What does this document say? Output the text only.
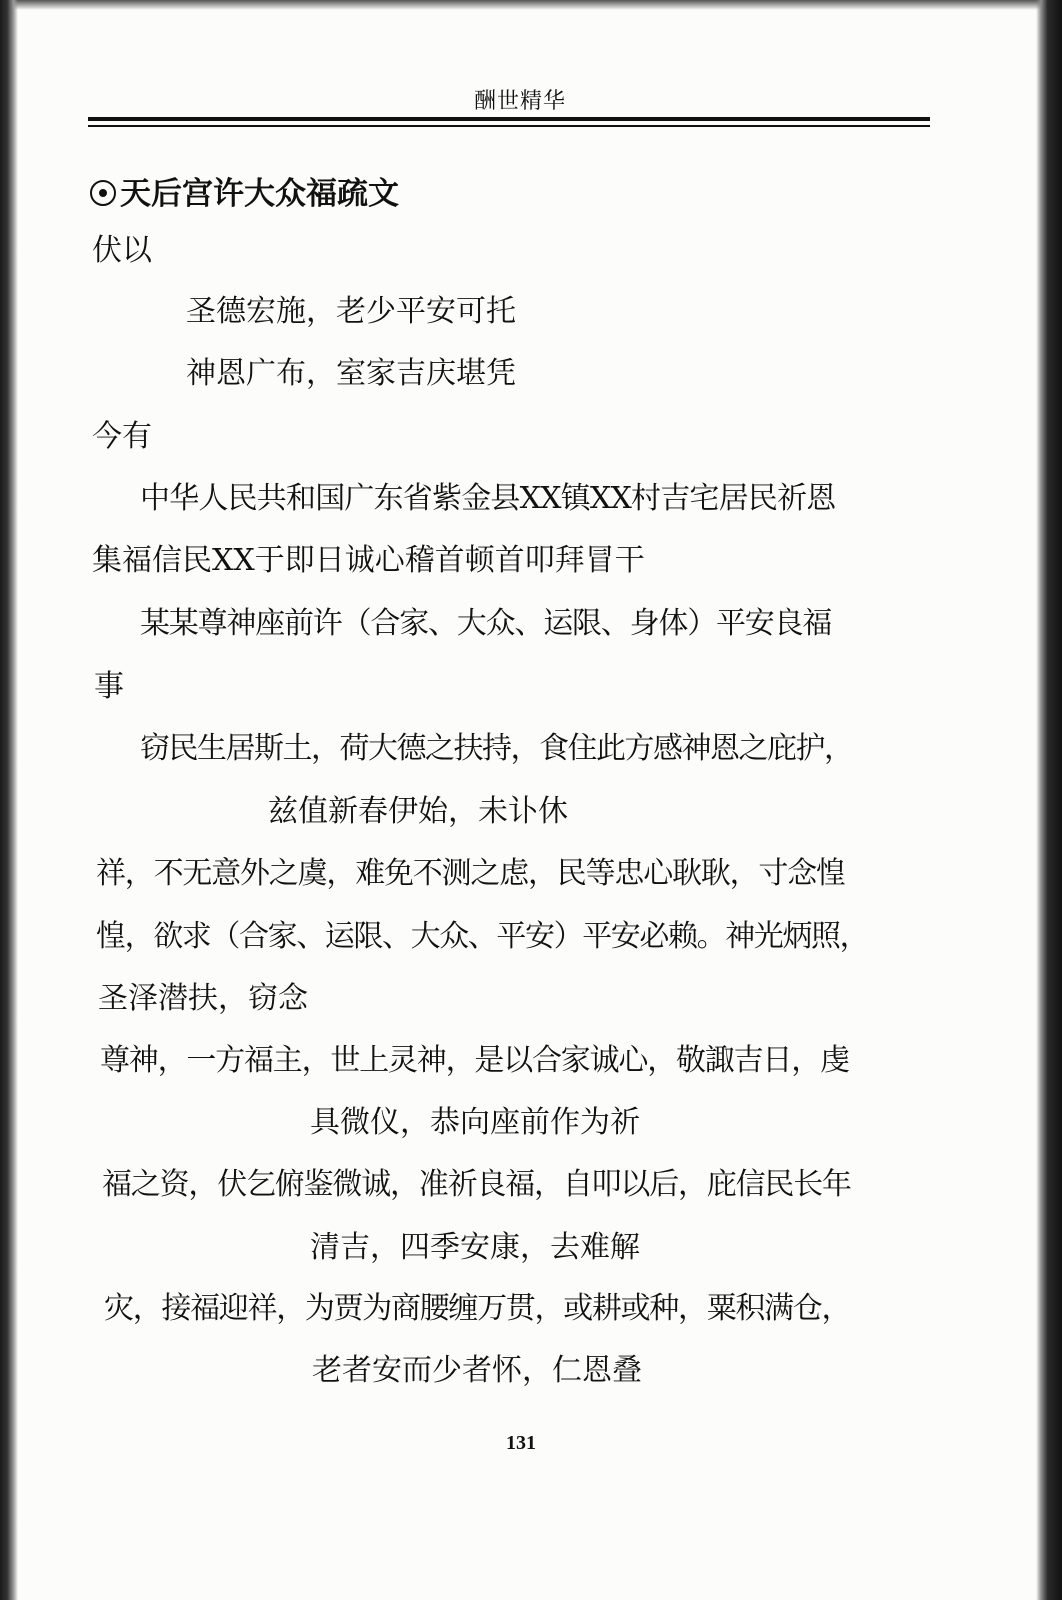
酬世精华
天后宫许大众福疏文
伏以
圣德宏施，老少平安可托
神恩广布，室家吉庆堪凭
今有
中华人民共和国广东省紫金县XX镇XX村吉宅居民祈恩
集福信民XX于即日诚心稽首顿首叩拜冒干
某某尊神座前许（合家、大众、运限、身体）平安良福
事
窃民生居斯土，荷大德之扶持，食住此方感神恩之庇护，
兹值新春伊始，未讣休
祥，不无意外之虞，难免不测之虑，民等忠心耿耿，寸念惶
惶，欲求（合家、运限、大众、平安）平安必赖。神光炳照，
圣泽潜扶，窃念
尊神，一方福主，世上灵神，是以合家诚心，敬諏吉日，虔
具微仪，恭向座前作为祈
福之资，伏乞俯鉴微诚，准祈良福，自叩以后，庇信民长年
清吉，四季安康，去难解
灾，接福迎祥，为贾为商腰缠万贯，或耕或种，粟积满仓，
老者安而少者怀，仁恩叠
131
